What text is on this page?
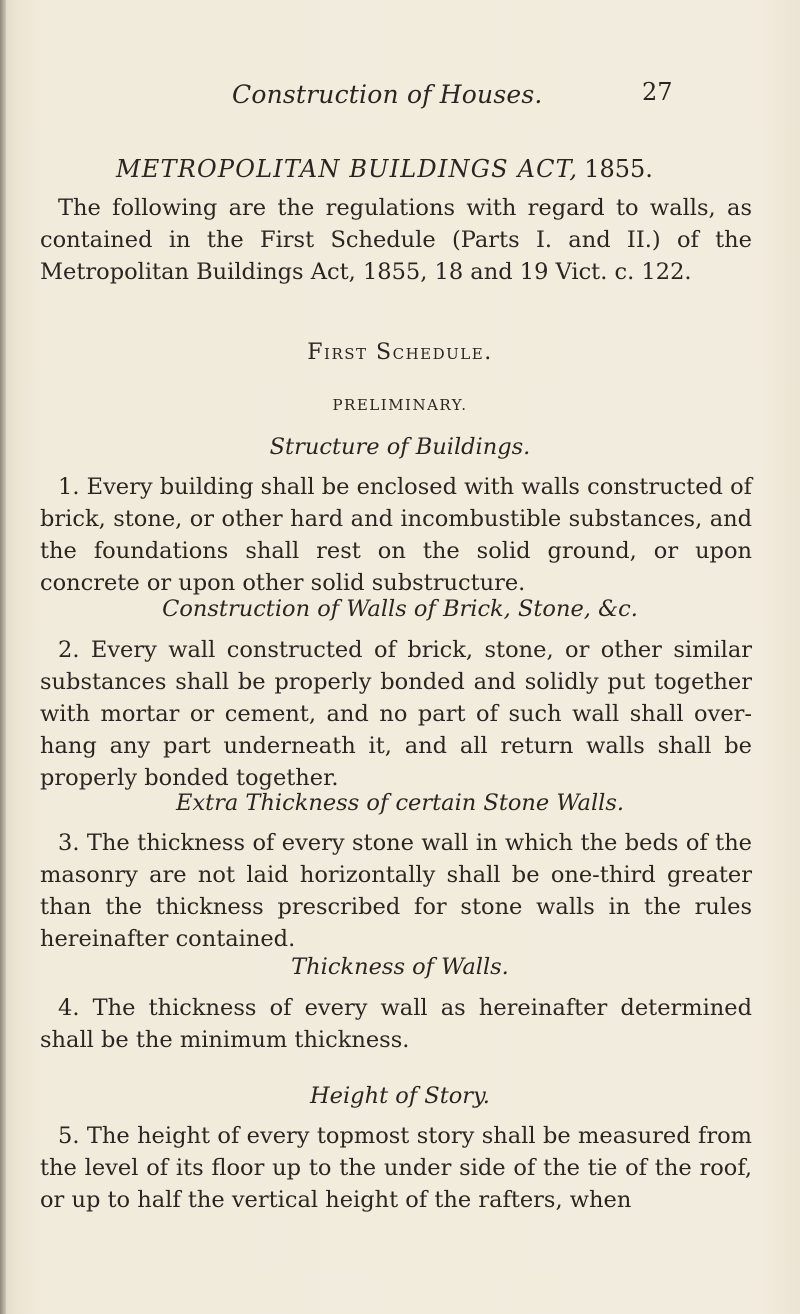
Construction of Houses.	27
METROPOLITAN BUILDINGS ACT, 1855.

The following are the regulations with regard to walls, as contained in the First Schedule (Parts I. and II.) of the Metropolitan Buildings Act, 1855, 18 and 19 Vict. c. 122.

First Schedule.
PRELIMINARY.
Structure of Buildings.

1. Every building shall be enclosed with walls constructed of brick, stone, or other hard and incombustible substances, and the foundations shall rest on the solid ground, or upon concrete or upon other solid substructure.

Construction of Walls of Brick, Stone, &c.

2. Every wall constructed of brick, stone, or other similar substances shall be properly bonded and solidly put together with mortar or cement, and no part of such wall shall over-hang any part underneath it, and all return walls shall be properly bonded together.

Extra Thickness of certain Stone Walls.

3. The thickness of every stone wall in which the beds of the masonry are not laid horizontally shall be one-third greater than the thickness prescribed for stone walls in the rules hereinafter contained.

Thickness of Walls.

4. The thickness of every wall as hereinafter determined shall be the minimum thickness.

Height of Story.

5. The height of every topmost story shall be measured from the level of its floor up to the under side of the tie of the roof, or up to half the vertical height of the rafters, when
